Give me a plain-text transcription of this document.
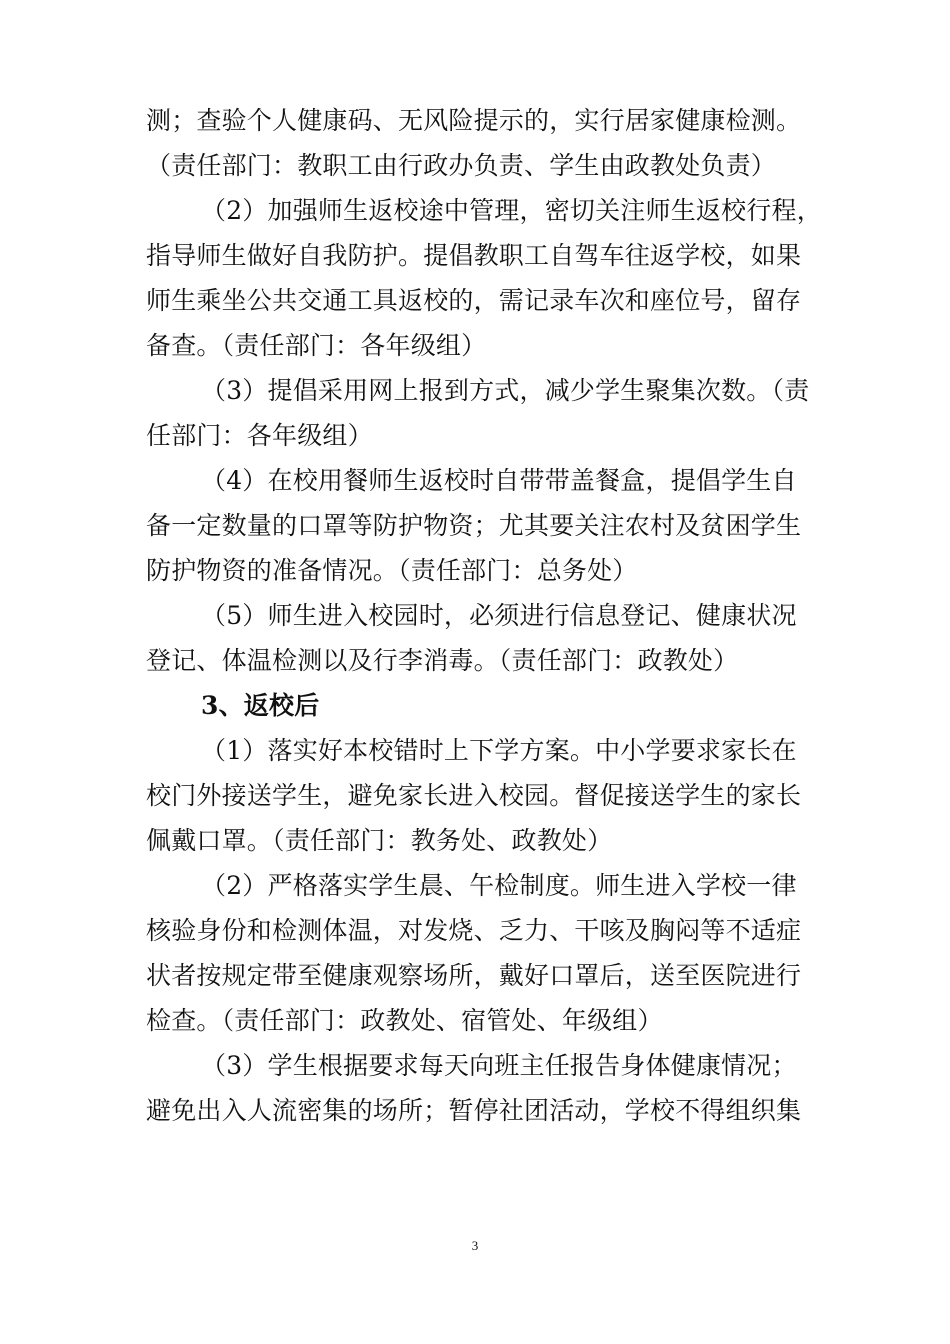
测；查验个人健康码、无风险提示的，实行居家健康检测。
（责任部门：教职工由行政办负责、学生由政教处负责）
（2）加强师生返校途中管理，密切关注师生返校行程，
指导师生做好自我防护。提倡教职工自驾车往返学校，如果
师生乘坐公共交通工具返校的，需记录车次和座位号，留存
备查。（责任部门：各年级组）
（3）提倡采用网上报到方式，减少学生聚集次数。（责
任部门：各年级组）
（4）在校用餐师生返校时自带带盖餐盒，提倡学生自
备一定数量的口罩等防护物资；尤其要关注农村及贫困学生
防护物资的准备情况。（责任部门：总务处）
（5）师生进入校园时，必须进行信息登记、健康状况
登记、体温检测以及行李消毒。（责任部门：政教处）
3、返校后
（1）落实好本校错时上下学方案。中小学要求家长在
校门外接送学生，避免家长进入校园。督促接送学生的家长
佩戴口罩。（责任部门：教务处、政教处）
（2）严格落实学生晨、午检制度。师生进入学校一律
核验身份和检测体温，对发烧、乏力、干咳及胸闷等不适症
状者按规定带至健康观察场所，戴好口罩后，送至医院进行
检查。（责任部门：政教处、宿管处、年级组）
（3）学生根据要求每天向班主任报告身体健康情况；
避免出入人流密集的场所；暂停社团活动，学校不得组织集
3
